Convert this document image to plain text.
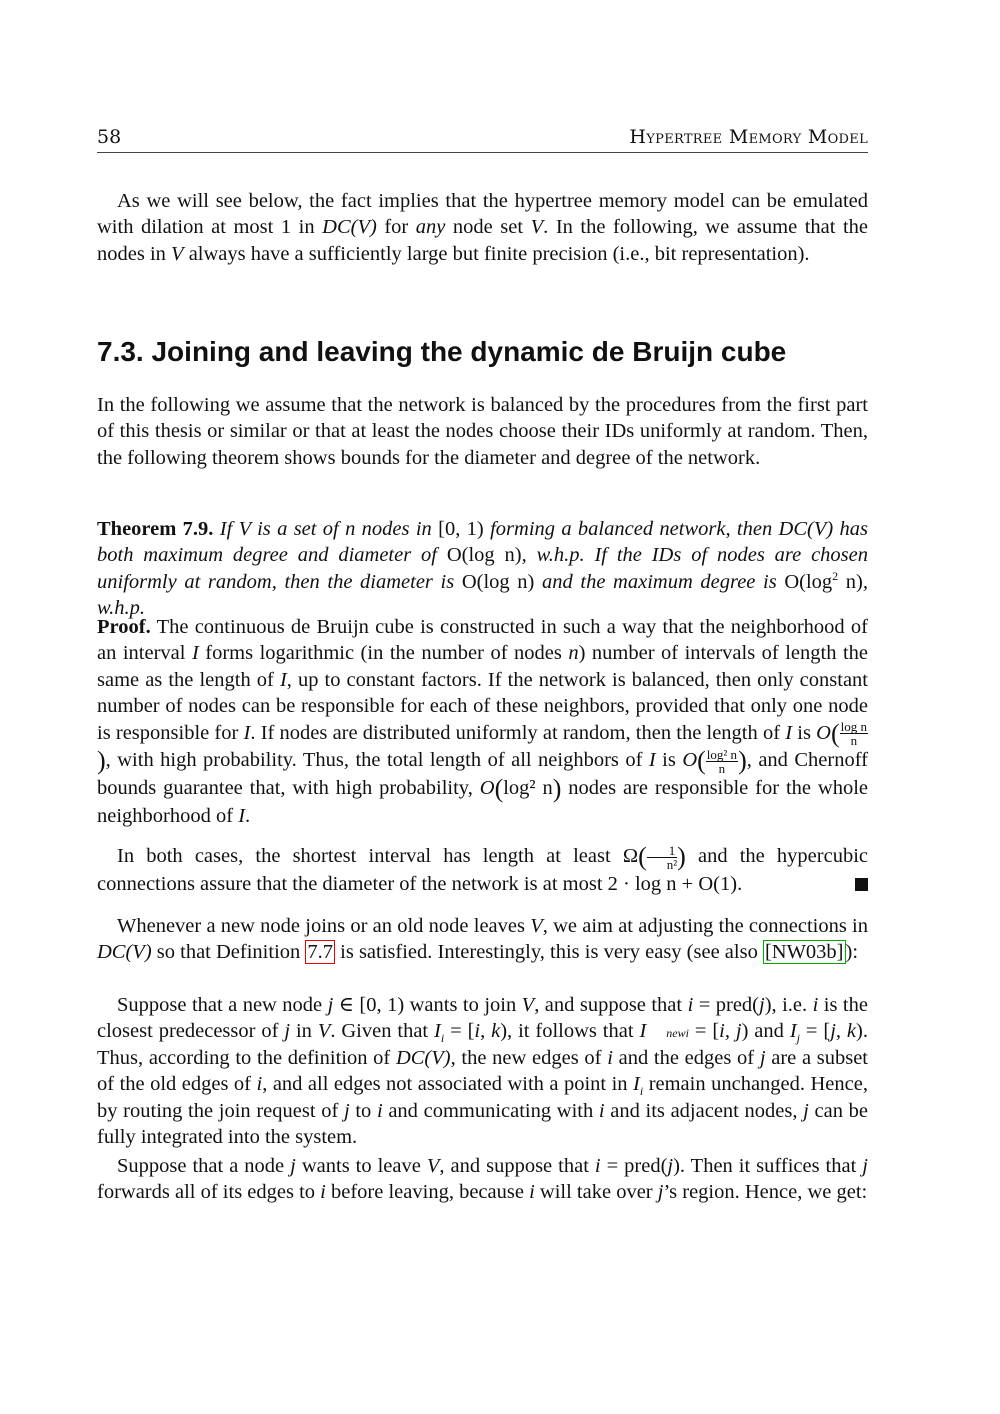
58	Hypertree Memory Model

As we will see below, the fact implies that the hypertree memory model can be emulated with dilation at most 1 in DC(V) for any node set V. In the following, we assume that the nodes in V always have a sufficiently large but finite precision (i.e., bit representation).

7.3. Joining and leaving the dynamic de Bruijn cube

In the following we assume that the network is balanced by the procedures from the first part of this thesis or similar or that at least the nodes choose their IDs uniformly at random. Then, the following theorem shows bounds for the diameter and degree of the network.

Theorem 7.9. If V is a set of n nodes in [0, 1) forming a balanced network, then DC(V) has both maximum degree and diameter of O(log n), w.h.p. If the IDs of nodes are chosen uniformly at random, then the diameter is O(log n) and the maximum degree is $O(\log^2$ n), w.h.p.
Proof. The continuous de Bruijn cube is constructed in such a way that the neighborhood of an interval I forms logarithmic (in the number of nodes n) number of intervals of length the same as the length of I, up to constant factors. If the network is balanced, then only constant number of nodes can be responsible for each of these neighbors, provided that only one node is responsible for I. If nodes are distributed uniformly at random, then the length of I is $O( \frac{\text{log n}}{n}$
), with high probability. Thus, the total length of all neighbors of I is $O( \frac{\text{log² n}}{n}$ ), and Chernoff bounds guarantee that, with high probability, O(log² n) nodes are responsible for the whole neighborhood of I.
In both cases, the shortest interval has length at least $\Omega( \frac{1}{\text{n²}}$ ) and the hypercubic connections assure that the diameter of the network is at most 2 · log n + O(1).

Whenever a new node joins or an old node leaves V, we aim at adjusting the connections in DC(V) so that Definition 7.7 is satisfied. Interestingly, this is very easy (see also [NW03b]):

Suppose that a new node j ∈ [0, 1) wants to join V, and suppose that i = pred(j), i.e. i is the closest predecessor of j in V. Given that $I_i = [i$, k), it follows that I newi = [i, j) and $I_j = [j$, k). Thus, according to the definition of DC(V), the new edges of i and the edges of j are a subset of the old edges of i, and all edges not associated with a point in $I_i$ remain unchanged. Hence, by routing the join request of j to i and communicating with i and its adjacent nodes, j can be fully integrated into the system.

Suppose that a node j wants to leave V, and suppose that i = pred(j). Then it suffices that j forwards all of its edges to i before leaving, because i will take over j’s region. Hence, we get:
